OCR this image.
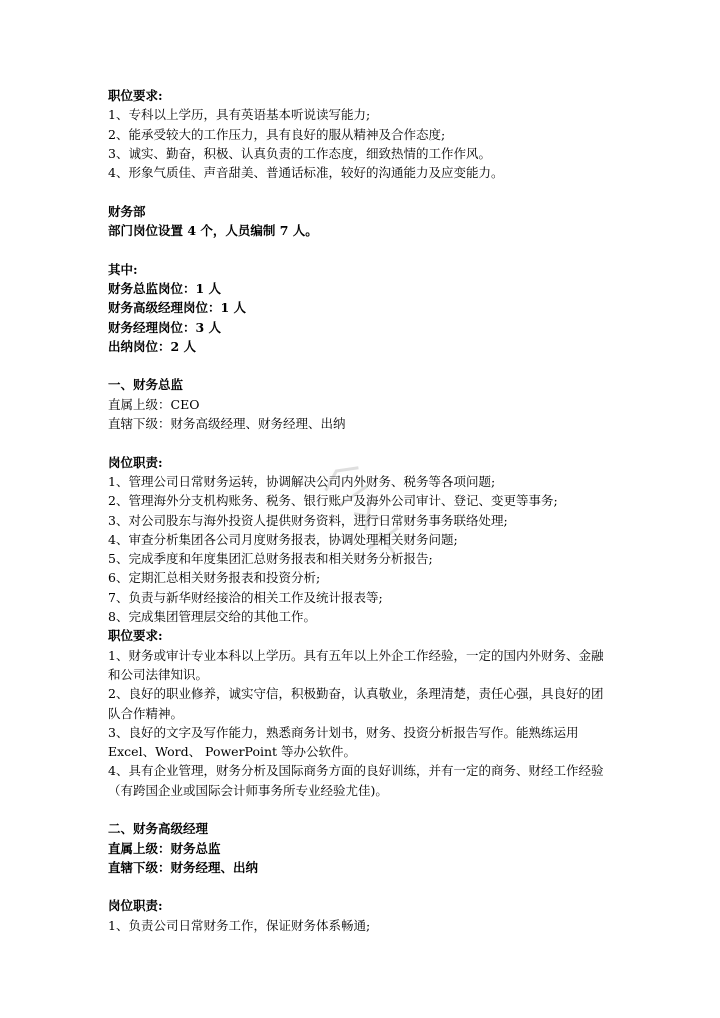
职位要求:
1、专科以上学历，具有英语基本听说读写能力;
2、能承受较大的工作压力，具有良好的服从精神及合作态度;
3、诚实、勤奋，积极、认真负责的工作态度，细致热情的工作作风。
4、形象气质佳、声音甜美、普通话标准，较好的沟通能力及应变能力。
财务部
部门岗位设置 4 个，人员编制 7 人。
其中:
财务总监岗位：1 人
财务高级经理岗位：1 人
财务经理岗位：3 人
出纳岗位：2 人
一、财务总监
直属上级：CEO
直辖下级：财务高级经理、财务经理、出纳
岗位职责:
1、管理公司日常财务运转，协调解决公司内外财务、税务等各项问题;
2、管理海外分支机构账务、税务、银行账户及海外公司审计、登记、变更等事务;
3、对公司股东与海外投资人提供财务资料，进行日常财务事务联络处理;
4、审查分析集团各公司月度财务报表，协调处理相关财务问题;
5、完成季度和年度集团汇总财务报表和相关财务分析报告;
6、定期汇总相关财务报表和投资分析;
7、负责与新华财经接洽的相关工作及统计报表等;
8、完成集团管理层交给的其他工作。
职位要求:
1、财务或审计专业本科以上学历。具有五年以上外企工作经验，一定的国内外财务、金融和公司法律知识。
2、良好的职业修养，诚实守信，积极勤奋，认真敬业，条理清楚，责任心强，具良好的团队合作精神。
3、良好的文字及写作能力，熟悉商务计划书，财务、投资分析报告写作。能熟练运用 Excel、Word、 PowerPoint 等办公软件。
4、具有企业管理，财务分析及国际商务方面的良好训练，并有一定的商务、财经工作经验（有跨国企业或国际会计师事务所专业经验尤佳)。
二、财务高级经理
直属上级：财务总监
直辖下级：财务经理、出纳
岗位职责:
1、负责公司日常财务工作，保证财务体系畅通;
